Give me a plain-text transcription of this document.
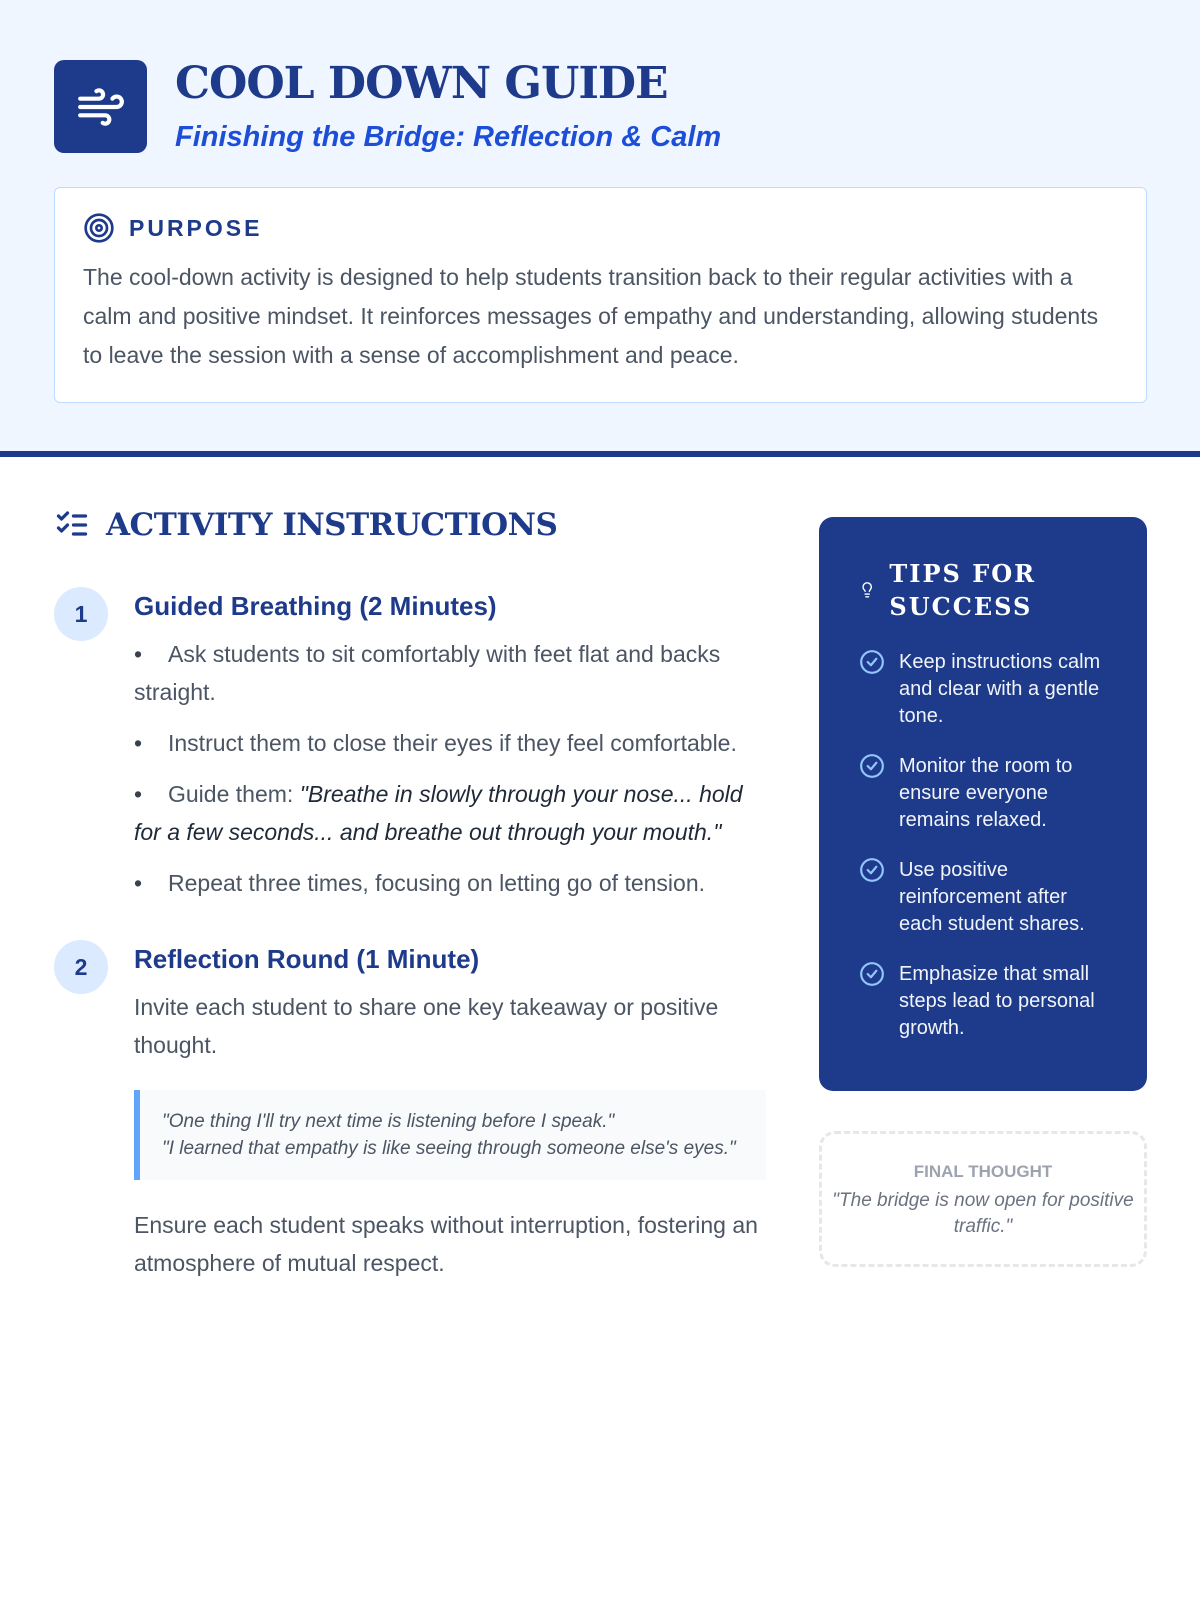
COOL DOWN GUIDE

Finishing the Bridge: Reflection & Calm

PURPOSE

The cool-down activity is designed to help students transition back to their regular activities with a calm and positive mindset. It reinforces messages of empathy and understanding, allowing students to leave the session with a sense of accomplishment and peace.

ACTIVITY INSTRUCTIONS
1	Guided Breathing (2 Minutes)
• Ask students to sit comfortably with feet flat and backs straight.
• Instruct them to close their eyes if they feel comfortable.
• Guide them: "Breathe in slowly through your nose... hold for a few seconds... and breathe out through your mouth."
• Repeat three times, focusing on letting go of tension.
2	Reflection Round (1 Minute)

Invite each student to share one key takeaway or positive thought.

"One thing I'll try next time is listening before I speak."

"I learned that empathy is like seeing through someone else's eyes."

Ensure each student speaks without interruption, fostering an atmosphere of mutual respect.

TIPS FOR SUCCESS
Keep instructions calm and clear with a gentle tone.
Monitor the room to ensure everyone remains relaxed.
Use positive reinforcement after each student shares.
Emphasize that small steps lead to personal growth.
FINAL THOUGHT
"The bridge is now open for positive traffic."
